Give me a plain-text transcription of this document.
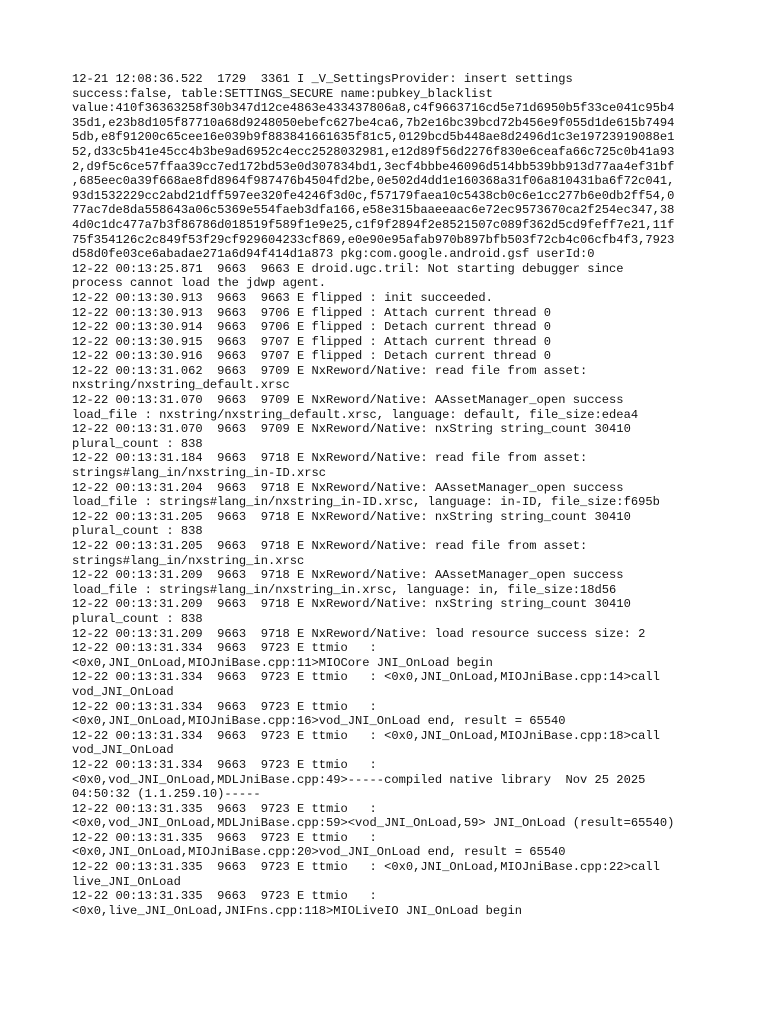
12-21 12:08:36.522  1729  3361 I _V_SettingsProvider: insert settings
success:false, table:SETTINGS_SECURE name:pubkey_blacklist
value:410f36363258f30b347d12ce4863e433437806a8,c4f9663716cd5e71d6950b5f33ce041c95b4
35d1,e23b8d105f87710a68d9248050ebefc627be4ca6,7b2e16bc39bcd72b456e9f055d1de615b7494
5db,e8f91200c65cee16e039b9f883841661635f81c5,0129bcd5b448ae8d2496d1c3e19723919088e1
52,d33c5b41e45cc4b3be9ad6952c4ecc2528032981,e12d89f56d2276f830e6ceafa66c725c0b41a93
2,d9f5c6ce57ffaa39cc7ed172bd53e0d307834bd1,3ecf4bbbe46096d514bb539bb913d77aa4ef31bf
,685eec0a39f668ae8fd8964f987476b4504fd2be,0e502d4dd1e160368a31f06a810431ba6f72c041,
93d1532229cc2abd21dff597ee320fe4246f3d0c,f57179faea10c5438cb0c6e1cc277b6e0db2ff54,0
77ac7de8da558643a06c5369e554faeb3dfa166,e58e315baaeeaac6e72ec9573670ca2f254ec347,38
4d0c1dc477a7b3f86786d018519f589f1e9e25,c1f9f2894f2e8521507c089f362d5cd9feff7e21,11f
75f354126c2c849f53f29cf929604233cf869,e0e90e95afab970b897bfb503f72cb4c06cfb4f3,7923
d58d0fe03ce6abadae271a6d94f414d1a873 pkg:com.google.android.gsf userId:0
12-22 00:13:25.871  9663  9663 E droid.ugc.tril: Not starting debugger since
process cannot load the jdwp agent.
12-22 00:13:30.913  9663  9663 E flipped : init succeeded.
12-22 00:13:30.913  9663  9706 E flipped : Attach current thread 0
12-22 00:13:30.914  9663  9706 E flipped : Detach current thread 0
12-22 00:13:30.915  9663  9707 E flipped : Attach current thread 0
12-22 00:13:30.916  9663  9707 E flipped : Detach current thread 0
12-22 00:13:31.062  9663  9709 E NxReword/Native: read file from asset:
nxstring/nxstring_default.xrsc
12-22 00:13:31.070  9663  9709 E NxReword/Native: AAssetManager_open success
load_file : nxstring/nxstring_default.xrsc, language: default, file_size:edea4
12-22 00:13:31.070  9663  9709 E NxReword/Native: nxString string_count 30410
plural_count : 838
12-22 00:13:31.184  9663  9718 E NxReword/Native: read file from asset:
strings#lang_in/nxstring_in-ID.xrsc
12-22 00:13:31.204  9663  9718 E NxReword/Native: AAssetManager_open success
load_file : strings#lang_in/nxstring_in-ID.xrsc, language: in-ID, file_size:f695b
12-22 00:13:31.205  9663  9718 E NxReword/Native: nxString string_count 30410
plural_count : 838
12-22 00:13:31.205  9663  9718 E NxReword/Native: read file from asset:
strings#lang_in/nxstring_in.xrsc
12-22 00:13:31.209  9663  9718 E NxReword/Native: AAssetManager_open success
load_file : strings#lang_in/nxstring_in.xrsc, language: in, file_size:18d56
12-22 00:13:31.209  9663  9718 E NxReword/Native: nxString string_count 30410
plural_count : 838
12-22 00:13:31.209  9663  9718 E NxReword/Native: load resource success size: 2
12-22 00:13:31.334  9663  9723 E ttmio   :
<0x0,JNI_OnLoad,MIOJniBase.cpp:11>MIOCore JNI_OnLoad begin
12-22 00:13:31.334  9663  9723 E ttmio   : <0x0,JNI_OnLoad,MIOJniBase.cpp:14>call
vod_JNI_OnLoad
12-22 00:13:31.334  9663  9723 E ttmio   :
<0x0,JNI_OnLoad,MIOJniBase.cpp:16>vod_JNI_OnLoad end, result = 65540
12-22 00:13:31.334  9663  9723 E ttmio   : <0x0,JNI_OnLoad,MIOJniBase.cpp:18>call
vod_JNI_OnLoad
12-22 00:13:31.334  9663  9723 E ttmio   :
<0x0,vod_JNI_OnLoad,MDLJniBase.cpp:49>-----compiled native library  Nov 25 2025
04:50:32 (1.1.259.10)-----
12-22 00:13:31.335  9663  9723 E ttmio   :
<0x0,vod_JNI_OnLoad,MDLJniBase.cpp:59><vod_JNI_OnLoad,59> JNI_OnLoad (result=65540)
12-22 00:13:31.335  9663  9723 E ttmio   :
<0x0,JNI_OnLoad,MIOJniBase.cpp:20>vod_JNI_OnLoad end, result = 65540
12-22 00:13:31.335  9663  9723 E ttmio   : <0x0,JNI_OnLoad,MIOJniBase.cpp:22>call
live_JNI_OnLoad
12-22 00:13:31.335  9663  9723 E ttmio   :
<0x0,live_JNI_OnLoad,JNIFns.cpp:118>MIOLiveIO JNI_OnLoad begin
